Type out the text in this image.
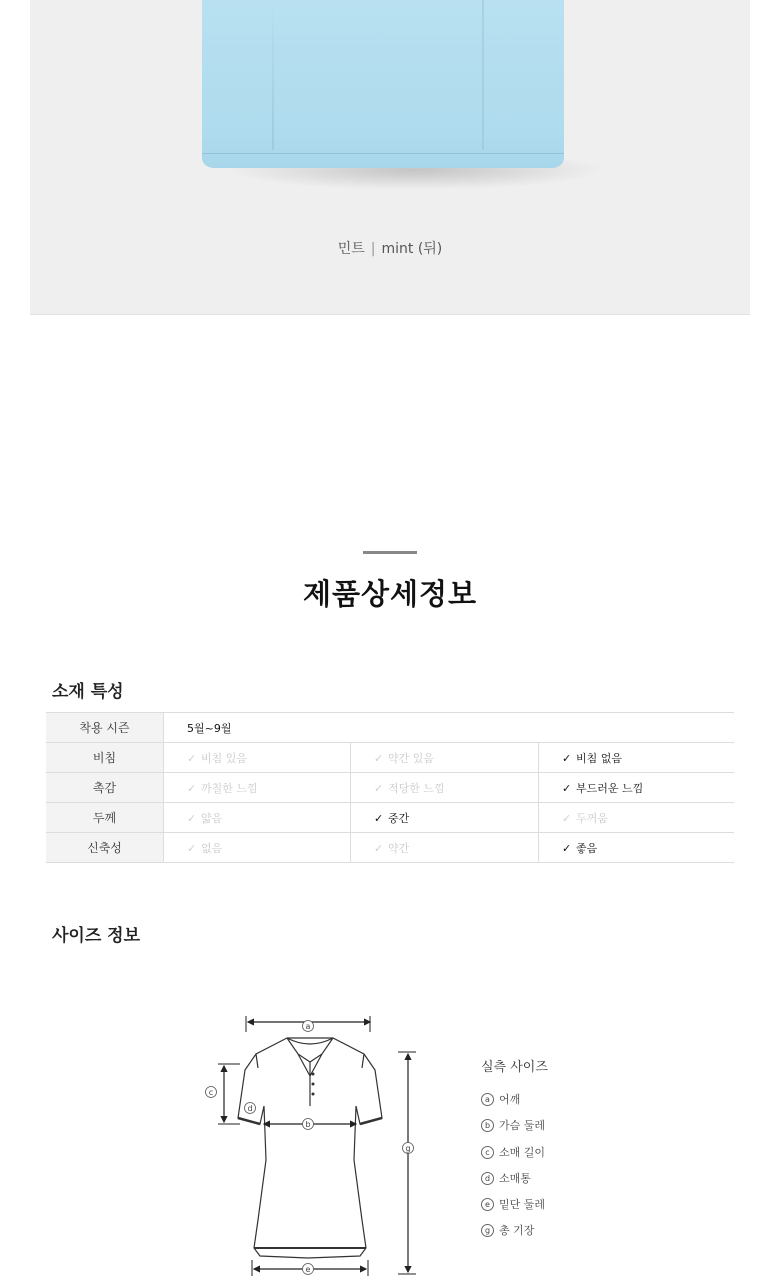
민트 | mint (뒤)
제품상세정보
소재 특성
착용 시즌	5월~9월		
비침	✓ 비침 있음	✓ 약간 있음	✓ 비침 없음
촉감	✓ 까칠한 느낌	✓ 적당한 느낌	✓ 부드러운 느낌
두께	✓ 얇음	✓ 중간	✓ 두꺼움
신축성	✓ 없음	✓ 약간	✓ 좋음
사이즈 정보
a
b
c
d
g
e
실측 사이즈
a 어깨
b 가슴 둘레
c 소매 길이
d 소매통
e 밑단 둘레
g 총 기장
